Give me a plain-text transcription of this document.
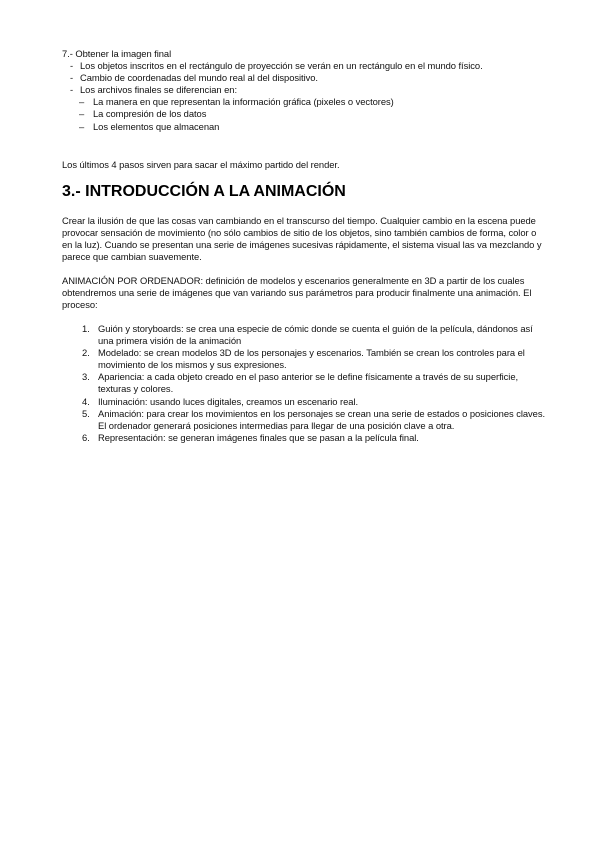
7.- Obtener la imagen final

- Los objetos inscritos en el rectángulo de proyección se verán en un rectángulo en el mundo físico.
- Cambio de coordenadas del mundo real al del dispositivo.
- Los archivos finales se diferencian en:
– La manera en que representan la información gráfica (pixeles o vectores)
– La compresión de los datos
– Los elementos que almacenan

Los últimos 4 pasos sirven para sacar el máximo partido del render.

3.- INTRODUCCIÓN A LA ANIMACIÓN

Crear la ilusión de que las cosas van cambiando en el transcurso del tiempo. Cualquier cambio en la escena puede provocar sensación de movimiento (no sólo cambios de sitio de los objetos, sino también cambios de forma, color o en la luz). Cuando se presentan una serie de imágenes sucesivas rápidamente, el sistema visual las va mezclando y parece que cambian suavemente.

ANIMACIÓN POR ORDENADOR: definición de modelos y escenarios generalmente en 3D a partir de los cuales obtendremos una serie de imágenes que van variando sus parámetros para producir finalmente una animación. El proceso:

1. Guión y storyboards: se crea una especie de cómic donde se cuenta el guión de la película, dándonos así una primera visión de la animación
2. Modelado: se crean modelos 3D de los personajes y escenarios. También se crean los controles para el movimiento de los mismos y sus expresiones.
3. Apariencia: a cada objeto creado en el paso anterior se le define físicamente a través de su superficie, texturas y colores.
4. Iluminación: usando luces digitales, creamos un escenario real.
5. Animación: para crear los movimientos en los personajes se crean una serie de estados o posiciones claves. El ordenador generará posiciones intermedias para llegar de una posición clave a otra.
6. Representación: se generan imágenes finales que se pasan a la película final.
